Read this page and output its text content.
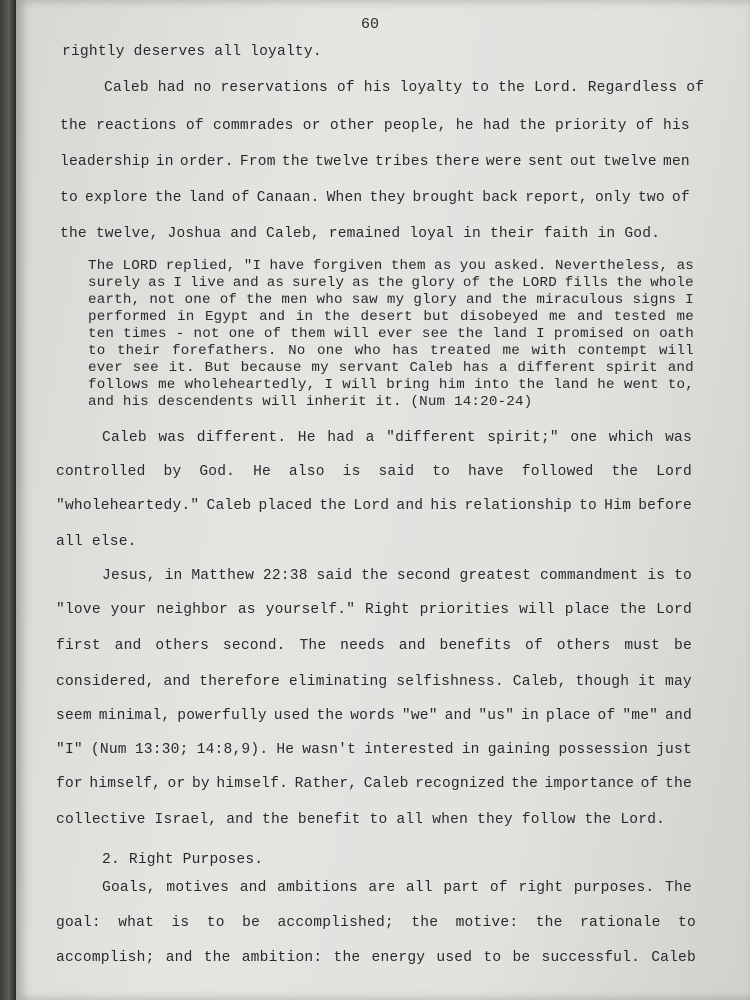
60
rightly deserves all loyalty.
Caleb had no reservations of his loyalty to the Lord. Regardless of
the reactions of commrades or other people, he had the priority of his
leadership in order. From the twelve tribes there were sent out twelve men
to explore the land of Canaan. When they brought back report, only two of
the twelve, Joshua and Caleb, remained loyal in their faith in God.
The LORD replied, "I have forgiven them as you asked. Nevertheless, as
surely as I live and as surely as the glory of the LORD fills the whole
earth, not one of the men who saw my glory and the miraculous signs I
performed in Egypt and in the desert but disobeyed me and tested me
ten times - not one of them will ever see the land I promised on oath
to their forefathers. No one who has treated me with contempt will
ever see it. But because my servant Caleb has a different spirit and
follows me wholeheartedly, I will bring him into the land he went to,
and his descendents will inherit it. (Num 14:20-24)
Caleb was different. He had a "different spirit;" one which was
controlled by God. He also is said to have followed the Lord
"wholeheartedy." Caleb placed the Lord and his relationship to Him before
all else.
Jesus, in Matthew 22:38 said the second greatest commandment is to
"love your neighbor as yourself." Right priorities will place the Lord
first and others second. The needs and benefits of others must be
considered, and therefore eliminating selfishness. Caleb, though it may
seem minimal, powerfully used the words "we" and "us" in place of "me" and
"I" (Num 13:30; 14:8,9). He wasn't interested in gaining possession just
for himself, or by himself. Rather, Caleb recognized the importance of the
collective Israel, and the benefit to all when they follow the Lord.
2. Right Purposes.
Goals, motives and ambitions are all part of right purposes. The
goal: what is to be accomplished; the motive: the rationale to
accomplish; and the ambition: the energy used to be successful. Caleb
